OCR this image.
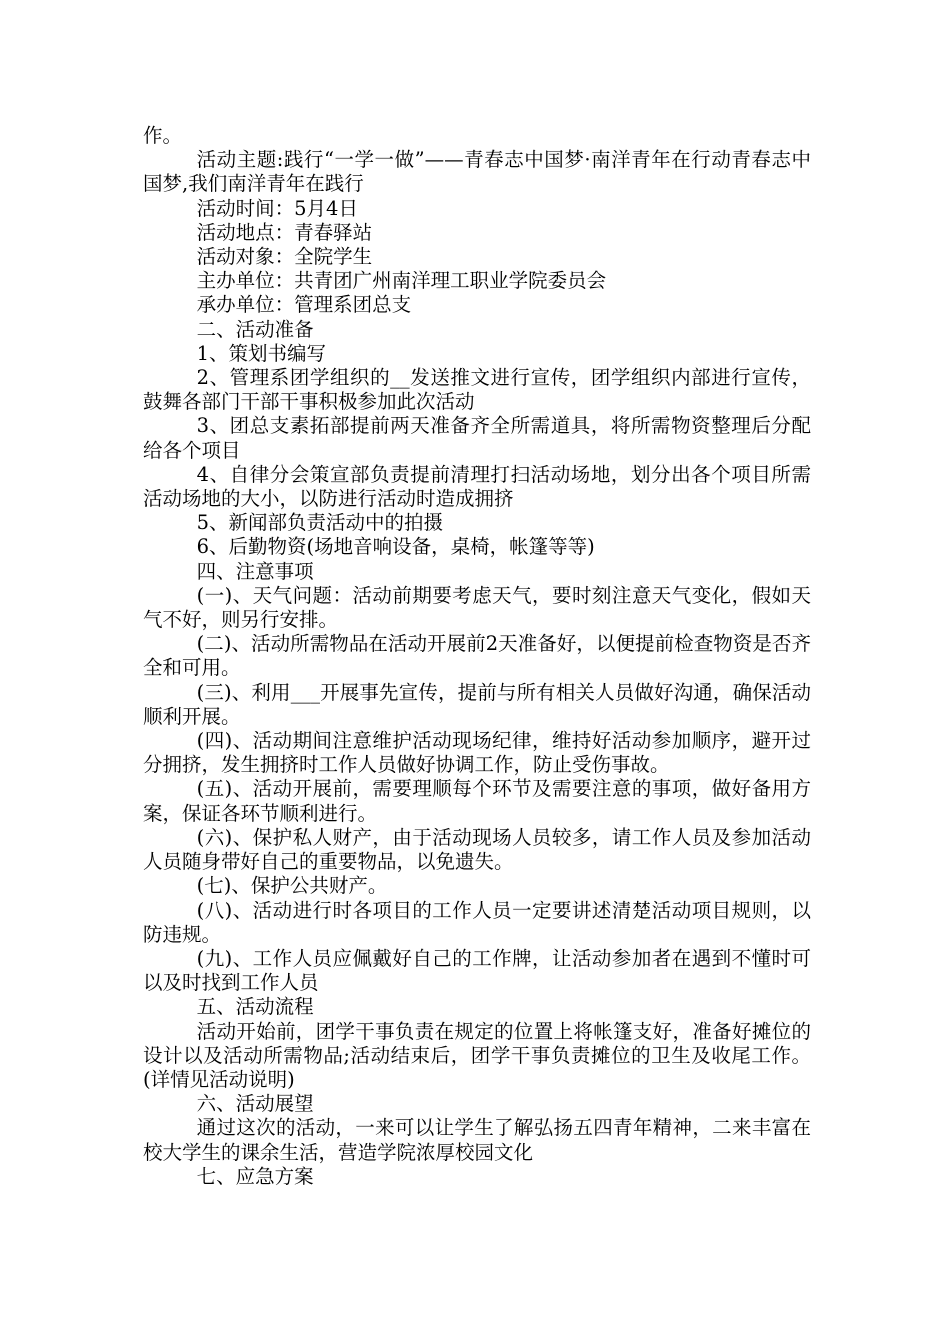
作。

活动主题:践行“一学一做”——青春志中国梦·南洋青年在行动青春志中国梦,我们南洋青年在践行

活动时间：5月4日

活动地点：青春驿站

活动对象：全院学生

主办单位：共青团广州南洋理工职业学院委员会

承办单位：管理系团总支

二、活动准备

1、策划书编写

2、管理系团学组织的__发送推文进行宣传，团学组织内部进行宣传，鼓舞各部门干部干事积极参加此次活动

3、团总支素拓部提前两天准备齐全所需道具，将所需物资整理后分配给各个项目

4、自律分会策宣部负责提前清理打扫活动场地，划分出各个项目所需活动场地的大小，以防进行活动时造成拥挤

5、新闻部负责活动中的拍摄

6、后勤物资(场地音响设备，桌椅，帐篷等等)

四、注意事项

(一)、天气问题：活动前期要考虑天气，要时刻注意天气变化，假如天气不好，则另行安排。

(二)、活动所需物品在活动开展前2天准备好，以便提前检查物资是否齐全和可用。

(三)、利用___开展事先宣传，提前与所有相关人员做好沟通，确保活动顺利开展。

(四)、活动期间注意维护活动现场纪律，维持好活动参加顺序，避开过分拥挤，发生拥挤时工作人员做好协调工作，防止受伤事故。

(五)、活动开展前，需要理顺每个环节及需要注意的事项，做好备用方案，保证各环节顺利进行。

(六)、保护私人财产，由于活动现场人员较多，请工作人员及参加活动人员随身带好自己的重要物品，以免遗失。

(七)、保护公共财产。

(八)、活动进行时各项目的工作人员一定要讲述清楚活动项目规则，以防违规。

(九)、工作人员应佩戴好自己的工作牌，让活动参加者在遇到不懂时可以及时找到工作人员

五、活动流程

活动开始前，团学干事负责在规定的位置上将帐篷支好，准备好摊位的设计以及活动所需物品;活动结束后，团学干事负责摊位的卫生及收尾工作。(详情见活动说明)

六、活动展望

通过这次的活动，一来可以让学生了解弘扬五四青年精神，二来丰富在校大学生的课余生活，营造学院浓厚校园文化

七、应急方案
